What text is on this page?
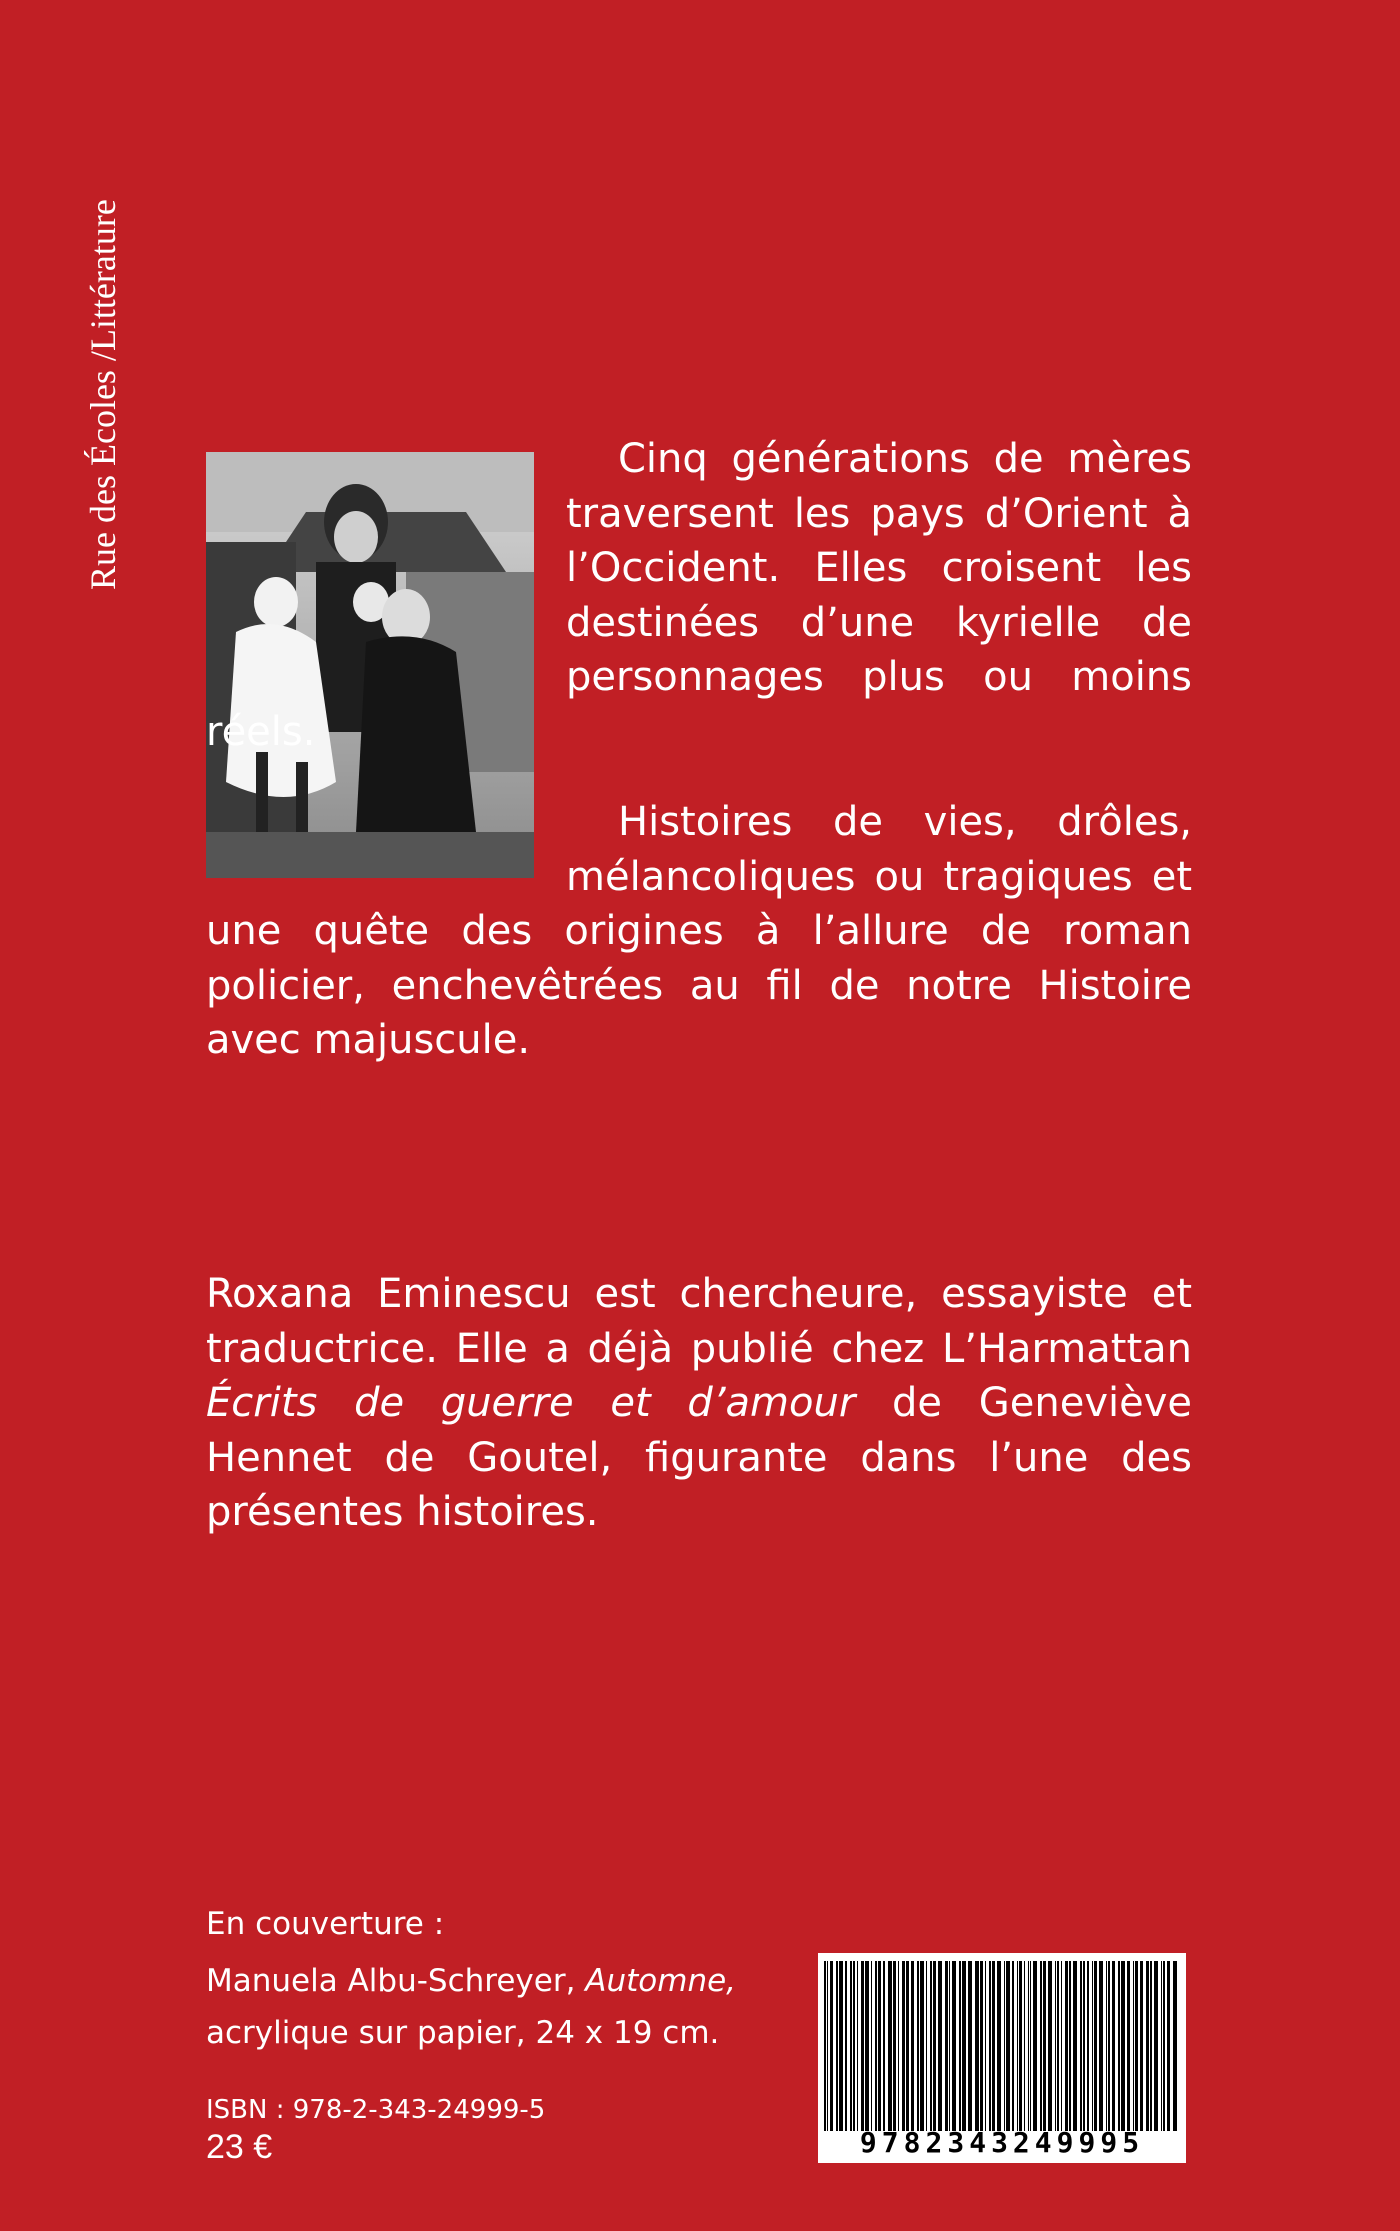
Rue des Écoles /Littérature	Cinq générations de mères traversent les pays d’Orient à l’Occident. Elles croisent les destinées d’une kyrielle de personnages plus ou moins réels.

Histoires de vies, drôles, mélancoliques ou tragiques et une quête des origines à l’allure de roman policier, enchevêtrées au fil de notre Histoire avec majuscule.

Roxana Eminescu est chercheure, essayiste et traductrice. Elle a déjà publié chez L’Harmattan Écrits de guerre et d’amour de Geneviève Hennet de Goutel, figurante dans l’une des présentes histoires.

En couverture :

Manuela Albu-Schreyer, Automne,

acrylique sur papier, 24 x 19 cm.

ISBN : 978-2-343-24999-5
23 €	9782343249995
